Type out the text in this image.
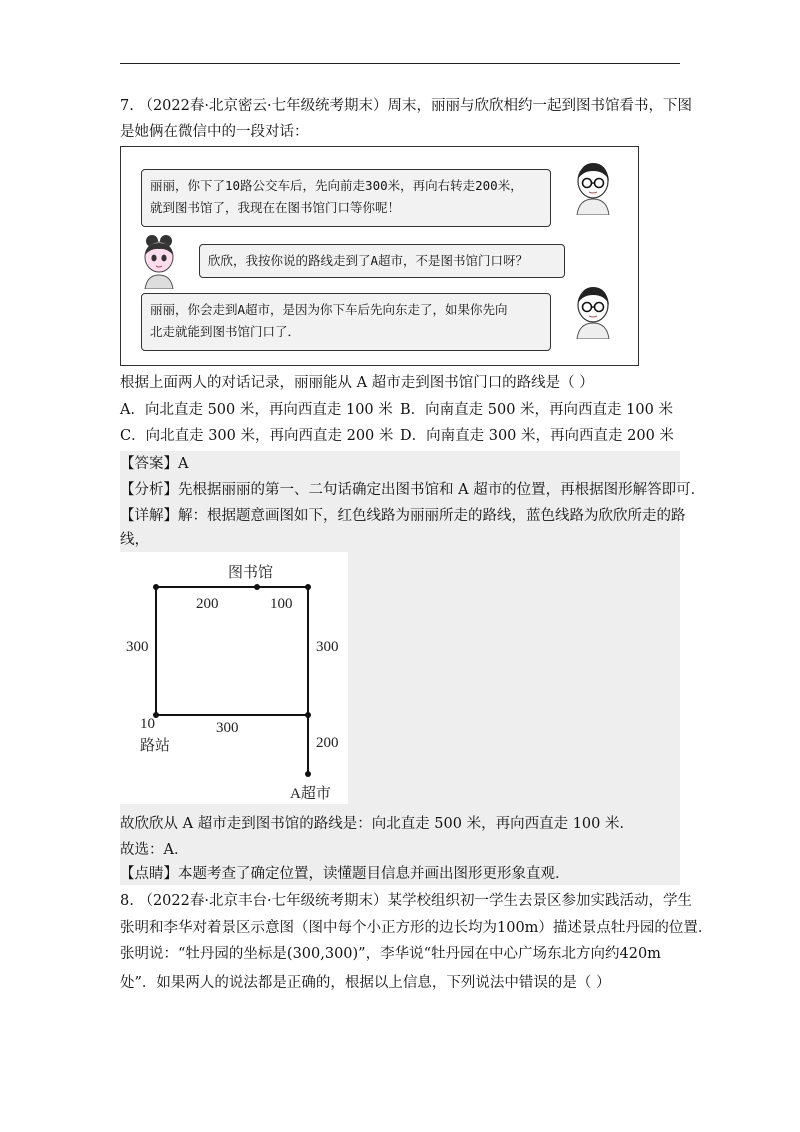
7. （2022春·北京密云·七年级统考期末）周末，丽丽与欣欣相约一起到图书馆看书，下图
是她俩在微信中的一段对话：
丽丽，你下了10路公交车后，先向前走300米，再向右转走200米，
就到图书馆了，我现在在图书馆门口等你呢！
欣欣，我按你说的路线走到了A超市，不是图书馆门口呀？
丽丽，你会走到A超市，是因为你下车后先向东走了，如果你先向
北走就能到图书馆门口了．
根据上面两人的对话记录，丽丽能从 A 超市走到图书馆门口的路线是（ ）
A．向北直走 500 米，再向西直走 100 米 B．向南直走 500 米，再向西直走 100 米
C．向北直走 300 米，再向西直走 200 米 D．向南直走 300 米，再向西直走 200 米
【答案】A
【分析】先根据丽丽的第一、二句话确定出图书馆和 A 超市的位置，再根据图形解答即可．
【详解】解：根据题意画图如下，红色线路为丽丽所走的路线，蓝色线路为欣欣所走的路
线，
图书馆
200	100
300	300
10	300
路站	200
A超市
故欣欣从 A 超市走到图书馆的路线是：向北直走 500 米，再向西直走 100 米．
故选：A．
【点睛】本题考查了确定位置，读懂题目信息并画出图形更形象直观．
8. （2022春·北京丰台·七年级统考期末）某学校组织初一学生去景区参加实践活动，学生
张明和李华对着景区示意图（图中每个小正方形的边长均为100m）描述景点牡丹园的位置．
张明说：“牡丹园的坐标是(300,300)”，李华说“牡丹园在中心广场东北方向约420m
处”．如果两人的说法都是正确的，根据以上信息，下列说法中错误的是（ ）
